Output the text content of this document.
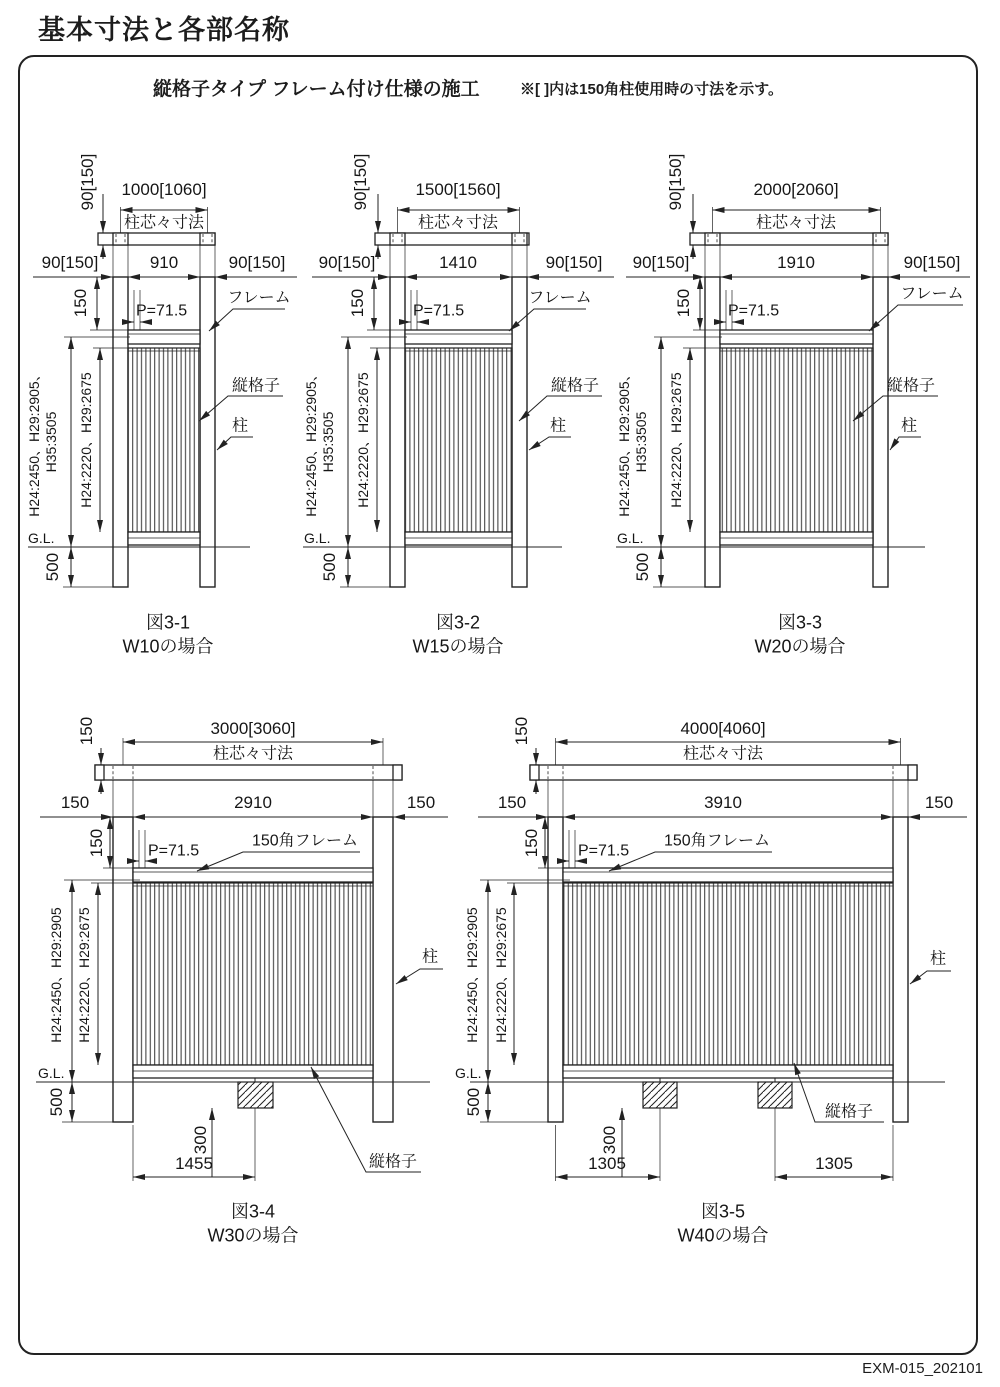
基本寸法と各部名称
縦格子タイプ フレーム付け仕様の施工	※[ ]内は150角柱使用時の寸法を示す。
EXM-015_202101
90[150] 1000[1060]
柱芯々寸法
90[150]	910	90[150]
150
H24:2450、H29:2905、 H35:3505 H24:2220、H29:2675
G.L.
500
P=71.5
フレーム
縦格子
柱
図3-1
W10の場合
90[150]	1500[1560]
柱芯々寸法
90[150]	1410	90[150]
150
H24:2450、H29:2905、 H35:3505 H24:2220、H29:2675
G.L.
500
P=71.5
フレーム
縦格子
柱
図3-2
W15の場合
90[150]	2000[2060]
柱芯々寸法
90[150]	1910	90[150]
150
H24:2450、H29:2905、 H35:3505 H24:2220、H29:2675
G.L.
500
P=71.5
フレーム
縦格子
柱
図3-3
W20の場合
150	3000[3060]
柱芯々寸法
150	2910	150
150
H24:2450、H29:2905 H24:2220、H29:2675
G.L.
500
P=71.5
300
1455
150角フレーム
縦格子
柱
図3-4
W30の場合
150	4000[4060]
柱芯々寸法
150	3910	150
150
H24:2450、H29:2905 H24:2220、H29:2675
G.L.
500
P=71.5
300
1305	1305
150角フレーム
縦格子
柱
図3-5
W40の場合
